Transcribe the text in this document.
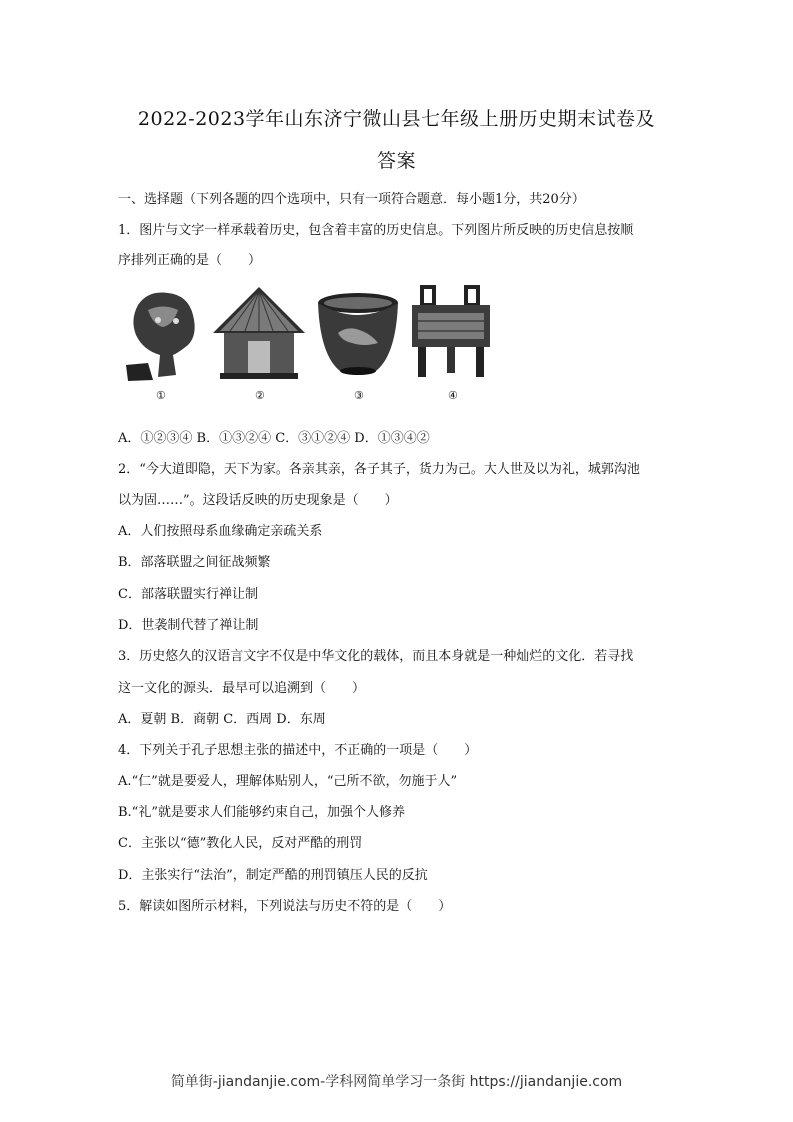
2022-2023学年山东济宁微山县七年级上册历史期末试卷及
答案
一、选择题（下列各题的四个选项中，只有一项符合题意．每小题1分，共20分）
1．图片与文字一样承载着历史，包含着丰富的历史信息。下列图片所反映的历史信息按顺
序排列正确的是（　　）
①	②	③	④
A．①②③④ B．①③②④ C．③①②④ D．①③④②
2．“今大道即隐，天下为家。各亲其亲，各子其子，货力为己。大人世及以为礼，城郭沟池
以为固……”。这段话反映的历史现象是（　　）
A．人们按照母系血缘确定亲疏关系
B．部落联盟之间征战频繁
C．部落联盟实行禅让制
D．世袭制代替了禅让制
3．历史悠久的汉语言文字不仅是中华文化的载体，而且本身就是一种灿烂的文化．若寻找
这一文化的源头．最早可以追溯到（　　）
A．夏朝 B．商朝 C．西周 D．东周
4．下列关于孔子思想主张的描述中，不正确的一项是（　　）
A.“仁”就是要爱人，理解体贴别人，“己所不欲，勿施于人”
B.“礼”就是要求人们能够约束自己，加强个人修养
C．主张以“德”教化人民，反对严酷的刑罚
D．主张实行“法治”，制定严酷的刑罚镇压人民的反抗
5．解读如图所示材料，下列说法与历史不符的是（　　）
简单街-jiandanjie.com-学科网简单学习一条街 https://jiandanjie.com
